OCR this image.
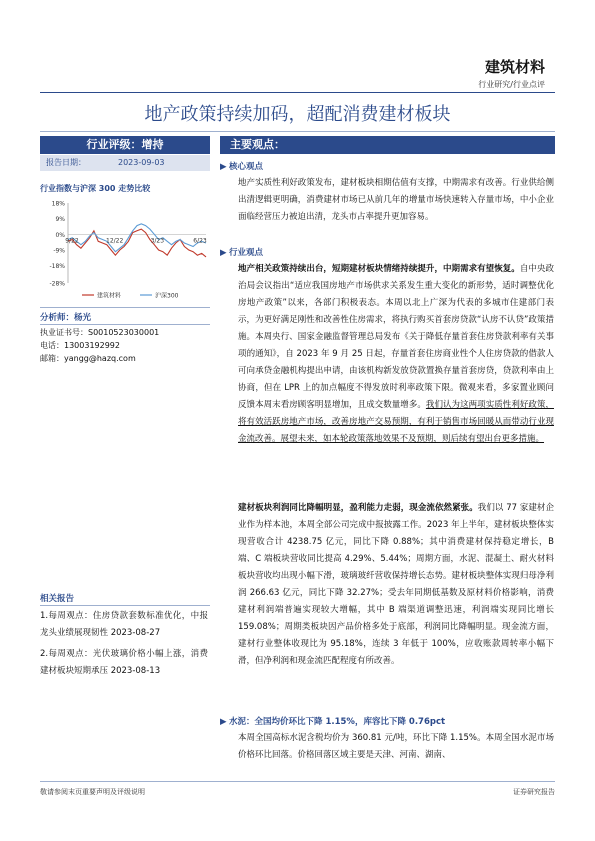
建筑材料
行业研究/行业点评
地产政策持续加码，超配消费建材板块
行业评级：增持
报告日期：	2023-09-03
行业指数与沪深 300 走势比较
18%
9%
0%
-9%
-18%
-28%
9/22	12/22	3/23	6/23
建筑材料	沪深300
分析师：杨光
执业证书号：S0010523030001
电话：13003192992
邮箱：yangg@hazq.com
相关报告

1.每周观点：住房贷款套数标准优化，中报龙头业绩展现韧性 2023-08-27

2.每周观点：光伏玻璃价格小幅上涨，消费建材板块短期承压 2023-08-13

主要观点：
▶ 核心观点
地产实质性利好政策发布，建材板块相期估值有支撑，中期需求有改善。行业供给侧出清逻辑更明确，消费建材市场已从前几年的增量市场快速转入存量市场，中小企业面临经营压力被迫出清，龙头市占率提升更加容易。
▶ 行业观点
地产相关政策持续出台，短期建材板块情绪持续提升，中期需求有望恢复。自中央政治局会议指出“适应我国房地产市场供求关系发生重大变化的新形势，适时调整优化房地产政策”以来，各部门积极表态。本周以北上广深为代表的多城市住建部门表示，为更好满足刚性和改善性住房需求，将执行购买首套房贷款“认房不认贷”政策措施。本周央行、国家金融监督管理总局发布《关于降低存量首套住房贷款利率有关事项的通知》，自 2023 年 9 月 25 日起，存量首套住房商业性个人住房贷款的借款人可向承贷金融机构提出申请，由该机构新发放贷款置换存量首套房贷，贷款利率由上协商，但在 LPR 上的加点幅度不得发放时利率政策下限。微观来看，多家置业顾问反馈本周末看房顾客明显增加，且成交数量增多。我们认为这两项实质性利好政策，将有效活跃房地产市场，改善房地产交易预期，有利于销售市场回暖从而带动行业现金流改善。展望未来，如本轮政策落地效果不及预期，则后续有望出台更多措施。
建材板块利润同比降幅明显，盈利能力走弱，现金流依然紧张。我们以 77 家建材企业作为样本池，本周全部公司完成中报披露工作。2023 年上半年，建材板块整体实现营收合计 4238.75 亿元，同比下降 0.88%；其中消费建材保持稳定增长，B 端、C 端板块营收同比提高 4.29%、5.44%；周期方面，水泥、混凝土、耐火材料板块营收均出现小幅下滑，玻璃玻纤营收保持增长态势。建材板块整体实现归母净利润 266.63 亿元，同比下降 32.27%；受去年同期低基数及原材料价格影响，消费建材利润端普遍实现较大增幅，其中 B 端渠道调整迅速，利润端实现同比增长 159.08%；周期类板块因产品价格多处于底部，利润同比降幅明显。现金流方面，建材行业整体收现比为 95.18%，连续 3 年低于 100%，应收账款周转率小幅下滑，但净利润和现金流匹配程度有所改善。
▶ 水泥：全国均价环比下降 1.15%，库容比下降 0.76pct
本周全国高标水泥含税均价为 360.81 元/吨，环比下降 1.15%。本周全国水泥市场价格环比回落。价格回落区域主要是天津、河南、湖南、
敬请参阅末页重要声明及评级说明	证券研究报告
